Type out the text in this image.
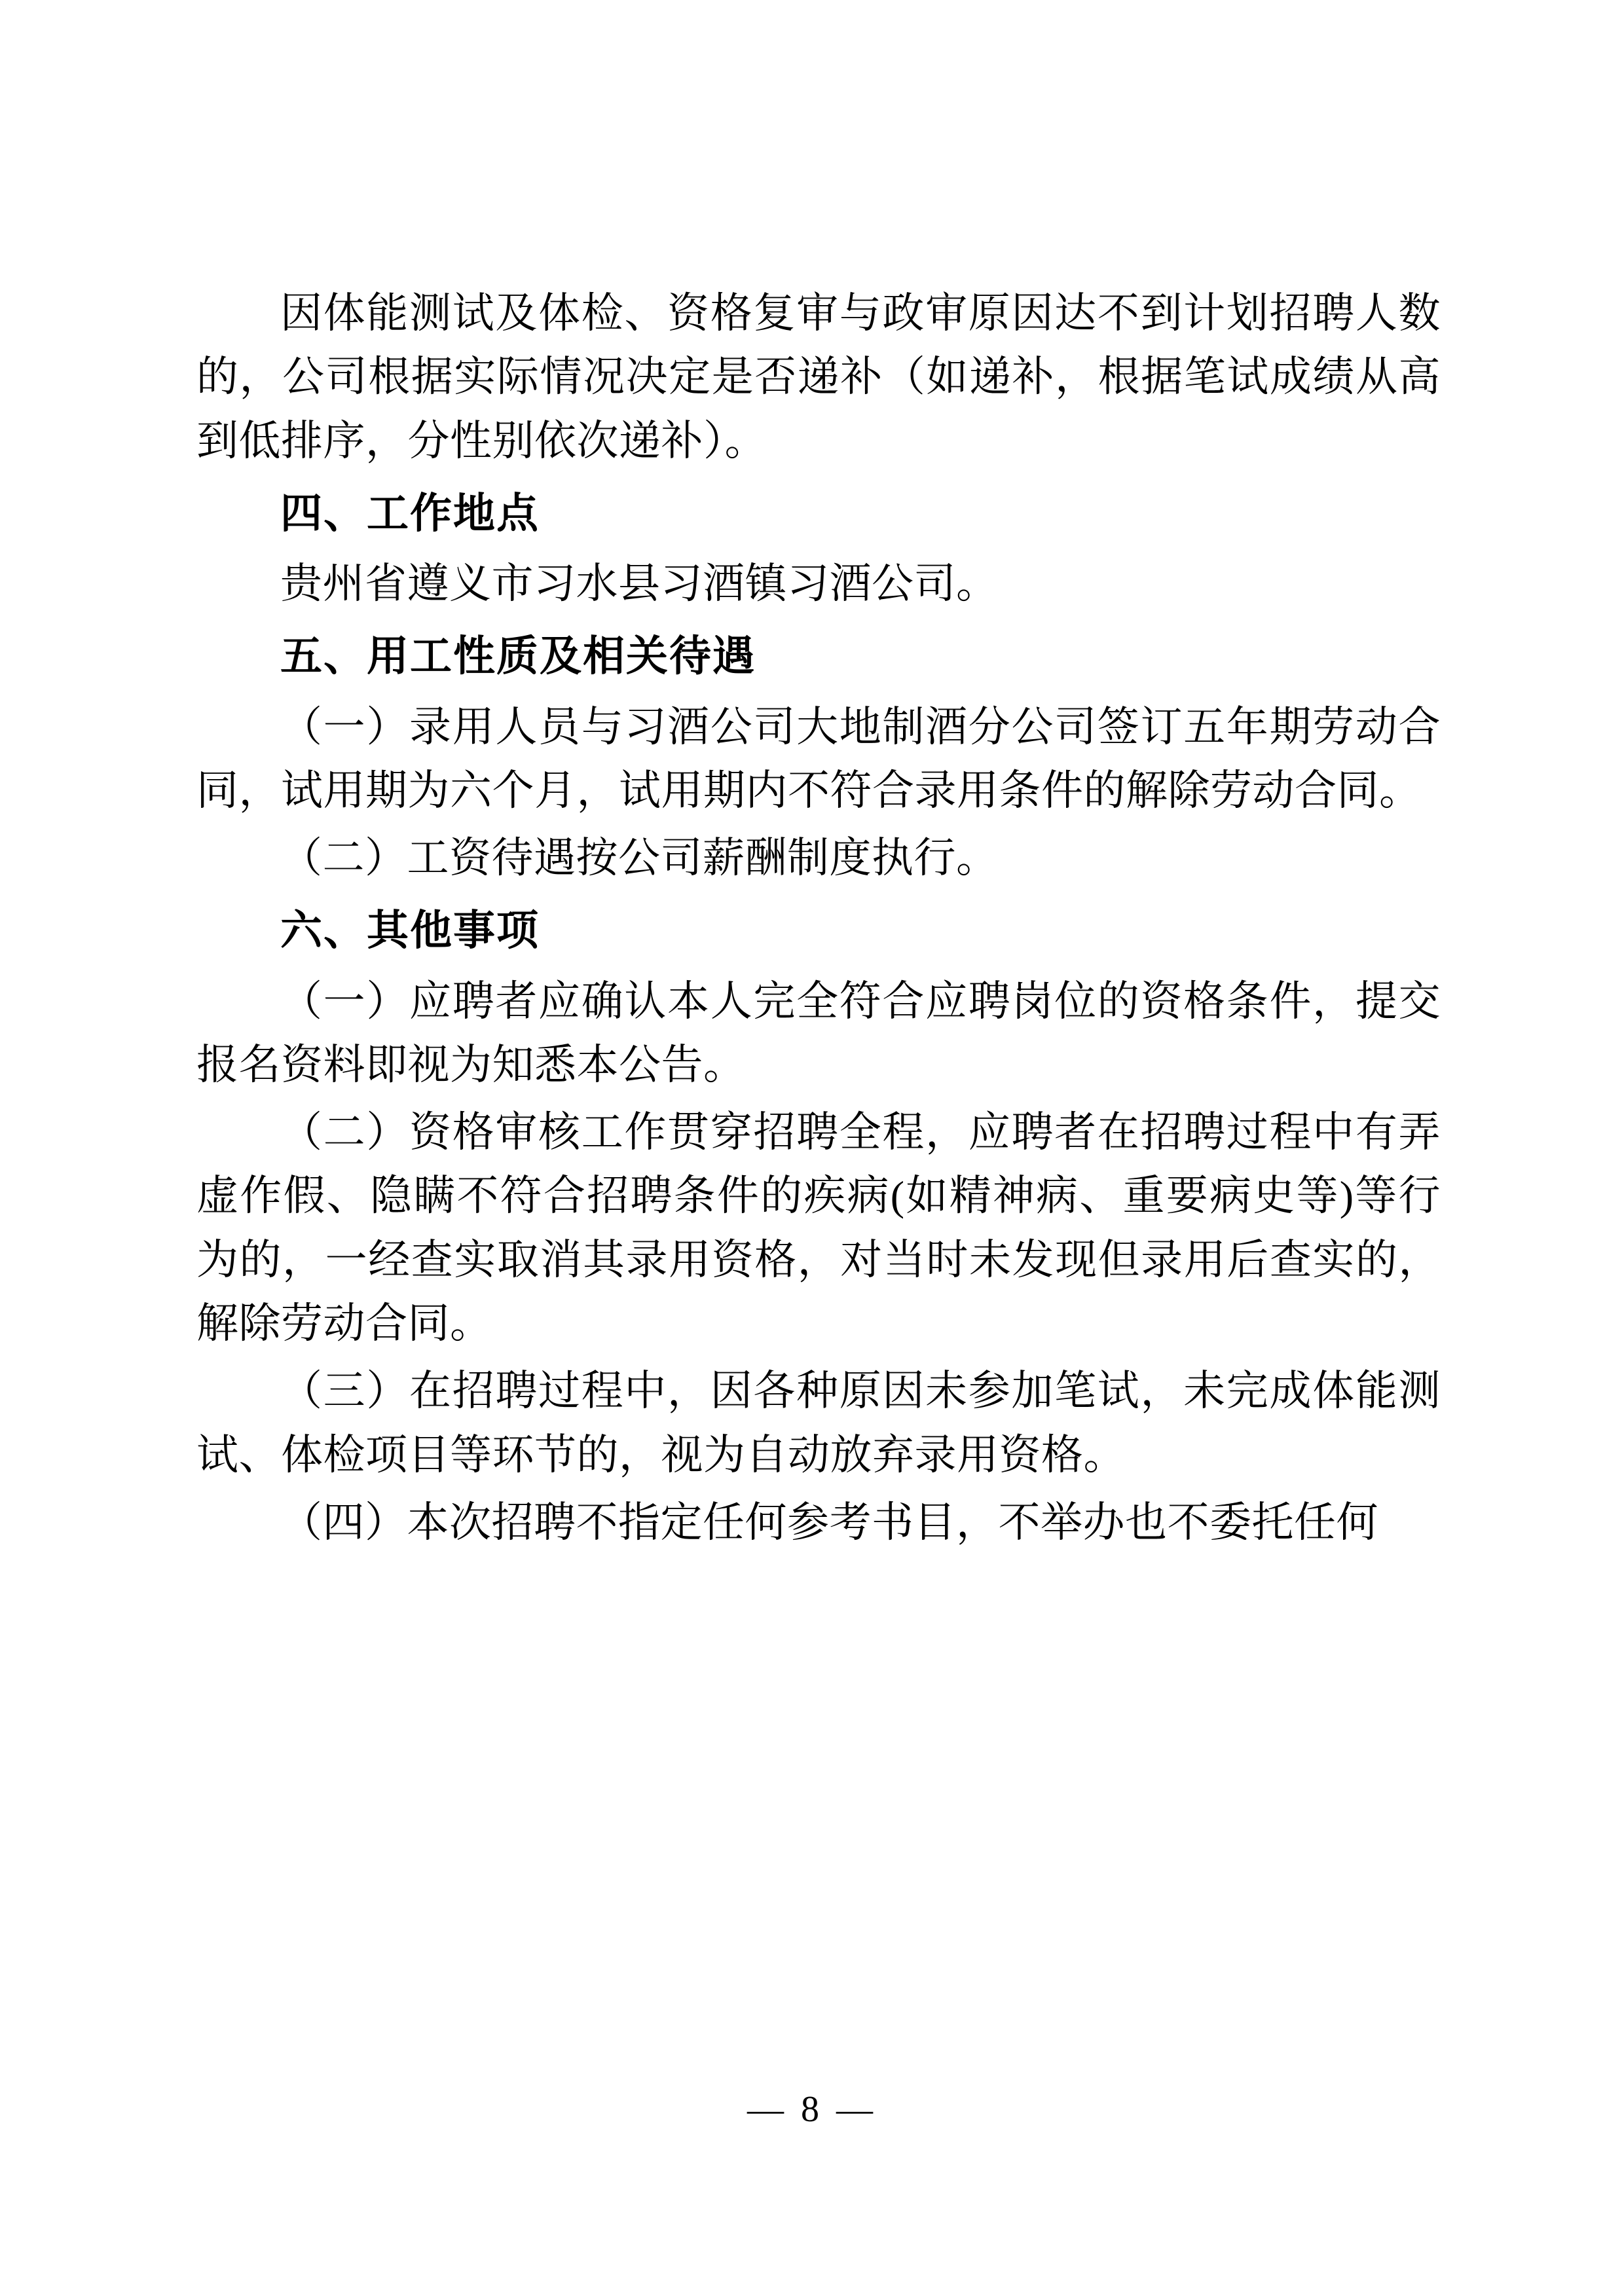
因体能测试及体检、资格复审与政审原因达不到计划招聘人数的，公司根据实际情况决定是否递补（如递补，根据笔试成绩从高到低排序，分性别依次递补）。

四、工作地点

贵州省遵义市习水县习酒镇习酒公司。

五、用工性质及相关待遇

（一）录用人员与习酒公司大地制酒分公司签订五年期劳动合同，试用期为六个月，试用期内不符合录用条件的解除劳动合同。

（二）工资待遇按公司薪酬制度执行。

六、其他事项

（一）应聘者应确认本人完全符合应聘岗位的资格条件，提交报名资料即视为知悉本公告。

（二）资格审核工作贯穿招聘全程，应聘者在招聘过程中有弄虚作假、隐瞒不符合招聘条件的疾病(如精神病、重要病史等)等行为的，一经查实取消其录用资格，对当时未发现但录用后查实的，解除劳动合同。

（三）在招聘过程中，因各种原因未参加笔试，未完成体能测试、体检项目等环节的，视为自动放弃录用资格。

（四）本次招聘不指定任何参考书目，不举办也不委托任何

— 8 —
